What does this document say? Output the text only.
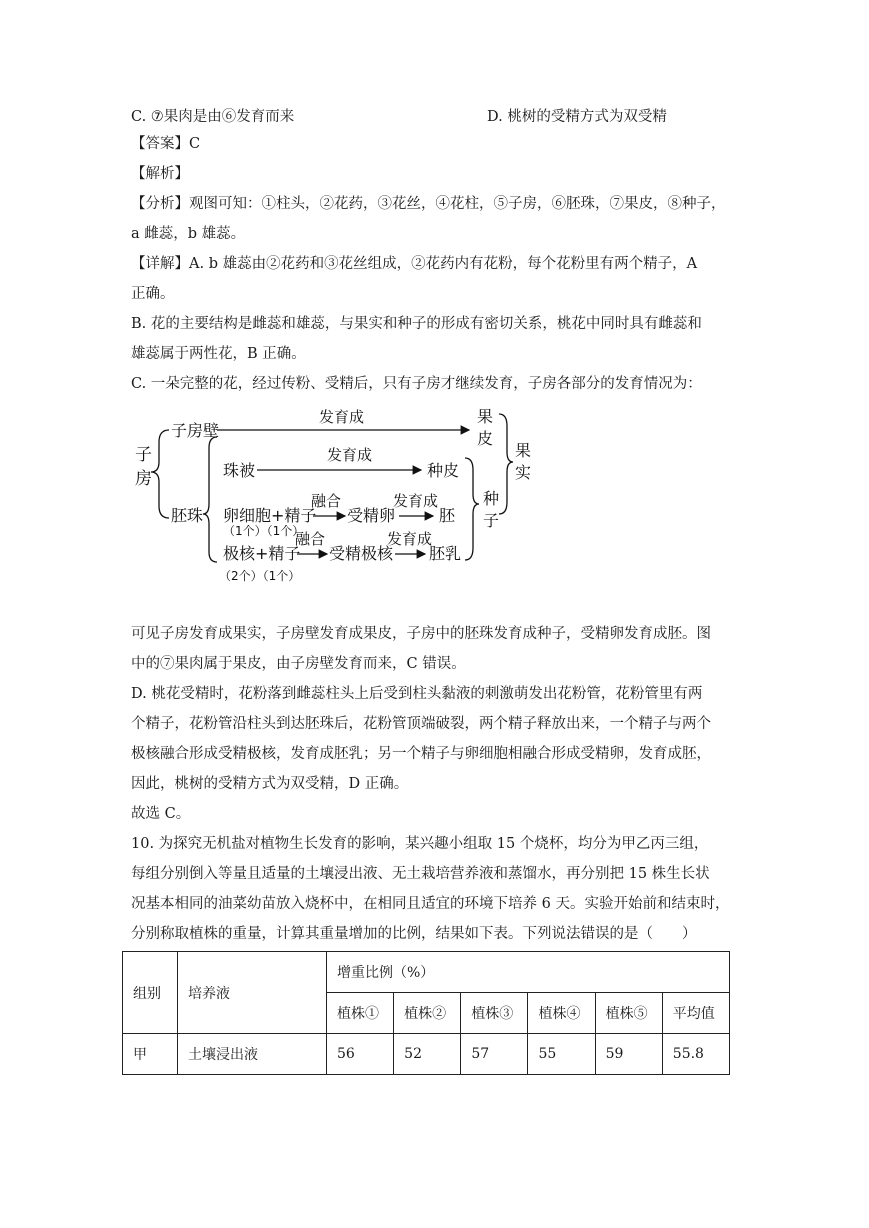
C. ⑦果肉是由⑥发育而来	D. 桃树的受精方式为双受精
【答案】C
【解析】
【分析】观图可知：①柱头，②花药，③花丝，④花柱，⑤子房，⑥胚珠，⑦果皮，⑧种子，
a 雌蕊，b 雄蕊。
【详解】A. b 雄蕊由②花药和③花丝组成，②花药内有花粉，每个花粉里有两个精子，A
正确。
B. 花的主要结构是雌蕊和雄蕊，与果实和种子的形成有密切关系，桃花中同时具有雌蕊和
雄蕊属于两性花，B 正确。
C. 一朵完整的花，经过传粉、受精后，只有子房才继续发育，子房各部分的发育情况为：
子
房
子房壁
发育成	果
皮
胚珠
珠被
发育成
种皮
卵细胞+精子
（1个）（1个）
融合
受精卵
发育成
胚
极核+精子
（2个）（1个）
融合
受精极核
发育成
胚乳
种
子
果
实
可见子房发育成果实，子房壁发育成果皮，子房中的胚珠发育成种子，受精卵发育成胚。图
中的⑦果肉属于果皮，由子房壁发育而来，C 错误。
D. 桃花受精时，花粉落到雌蕊柱头上后受到柱头黏液的刺激萌发出花粉管，花粉管里有两
个精子，花粉管沿柱头到达胚珠后，花粉管顶端破裂，两个精子释放出来，一个精子与两个
极核融合形成受精极核，发育成胚乳；另一个精子与卵细胞相融合形成受精卵，发育成胚，
因此，桃树的受精方式为双受精，D 正确。
故选 C。
10. 为探究无机盐对植物生长发育的影响，某兴趣小组取 15 个烧杯，均分为甲乙丙三组，
每组分别倒入等量且适量的土壤浸出液、无土栽培营养液和蒸馏水，再分别把 15 株生长状
况基本相同的油菜幼苗放入烧杯中，在相同且适宜的环境下培养 6 天。实验开始前和结束时，
分别称取植株的重量，计算其重量增加的比例，结果如下表。下列说法错误的是（　　）
组别	培养液	增重比例（%）					
		植株①	植株②	植株③	植株④	植株⑤	平均值
甲	土壤浸出液	56	52	57	55	59	55.8
